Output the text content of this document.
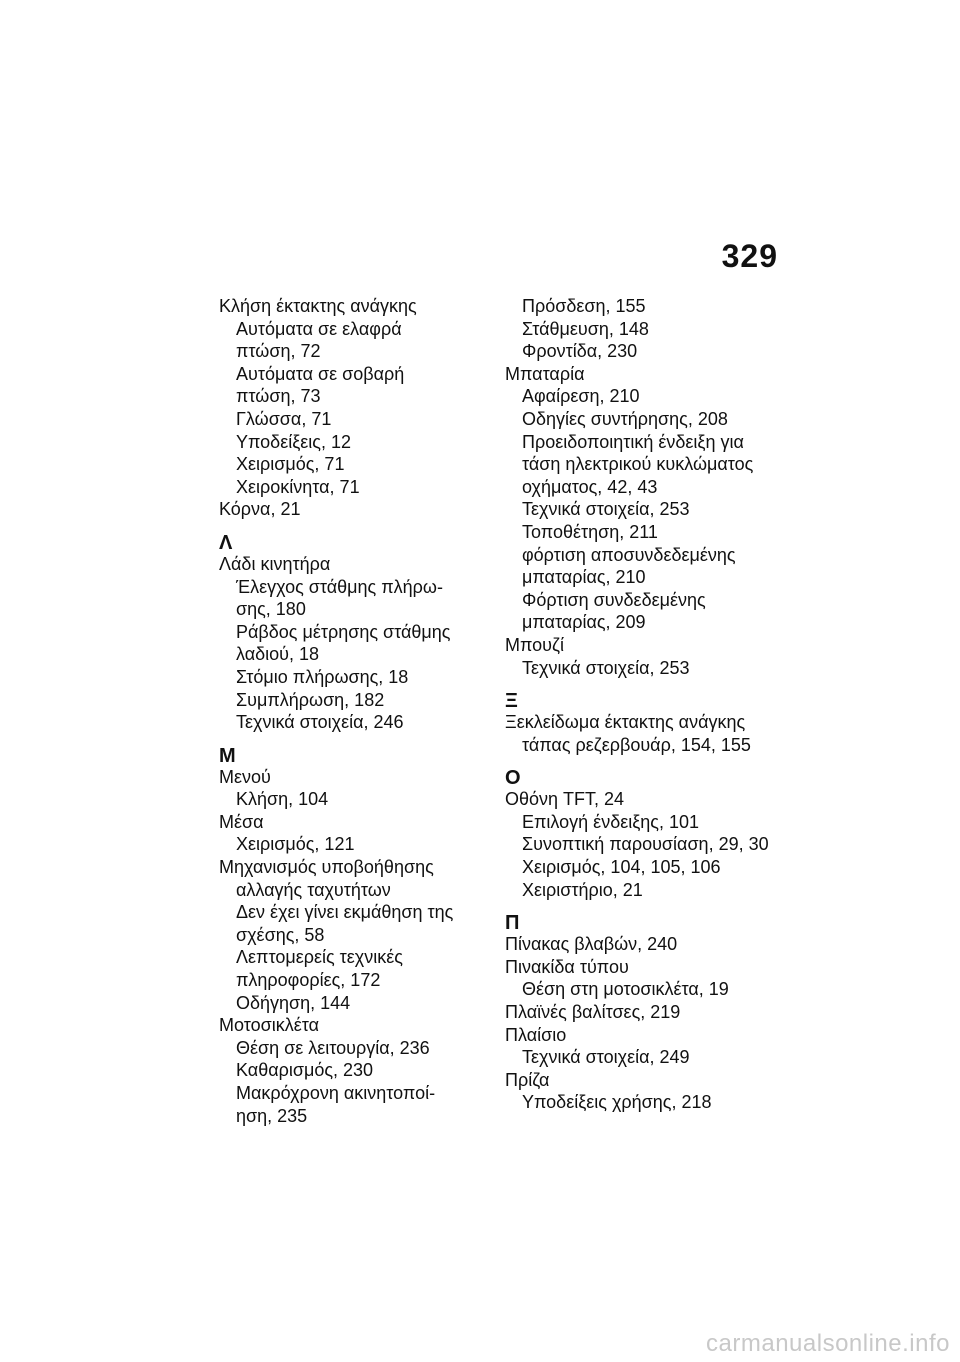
329
Κλήση έκτακτης ανάγκης
Αυτόματα σε ελαφρά
πτώση, 72
Αυτόματα σε σοβαρή
πτώση, 73
Γλώσσα, 71
Υποδείξεις, 12
Χειρισμός, 71
Χειροκίνητα, 71
Κόρνα, 21
Λ
Λάδι κινητήρα
Έλεγχος στάθμης πλήρω-
σης, 180
Ράβδος μέτρησης στάθμης
λαδιού, 18
Στόμιο πλήρωσης, 18
Συμπλήρωση, 182
Τεχνικά στοιχεία, 246
Μ
Μενού
Κλήση, 104
Μέσα
Χειρισμός, 121
Μηχανισμός υποβοήθησης
αλλαγής ταχυτήτων
Δεν έχει γίνει εκμάθηση της
σχέσης, 58
Λεπτομερείς τεχνικές
πληροφορίες, 172
Οδήγηση, 144
Μοτοσικλέτα
Θέση σε λειτουργία, 236
Καθαρισμός, 230
Μακρόχρονη ακινητοποί-
ηση, 235
Πρόσδεση, 155
Στάθμευση, 148
Φροντίδα, 230
Μπαταρία
Αφαίρεση, 210
Οδηγίες συντήρησης, 208
Προειδοποιητική ένδειξη για
τάση ηλεκτρικού κυκλώματος
οχήματος, 42, 43
Τεχνικά στοιχεία, 253
Τοποθέτηση, 211
φόρτιση αποσυνδεδεμένης
μπαταρίας, 210
Φόρτιση συνδεδεμένης
μπαταρίας, 209
Μπουζί
Τεχνικά στοιχεία, 253
Ξ
Ξεκλείδωμα έκτακτης ανάγκης
τάπας ρεζερβουάρ, 154, 155
Ο
Οθόνη TFT, 24
Επιλογή ένδειξης, 101
Συνοπτική παρουσίαση, 29, 30
Χειρισμός, 104, 105, 106
Χειριστήριο, 21
Π
Πίνακας βλαβών, 240
Πινακίδα τύπου
Θέση στη μοτοσικλέτα, 19
Πλαϊνές βαλίτσες, 219
Πλαίσιο
Τεχνικά στοιχεία, 249
Πρίζα
Υποδείξεις χρήσης, 218
carmanualsonline.info
